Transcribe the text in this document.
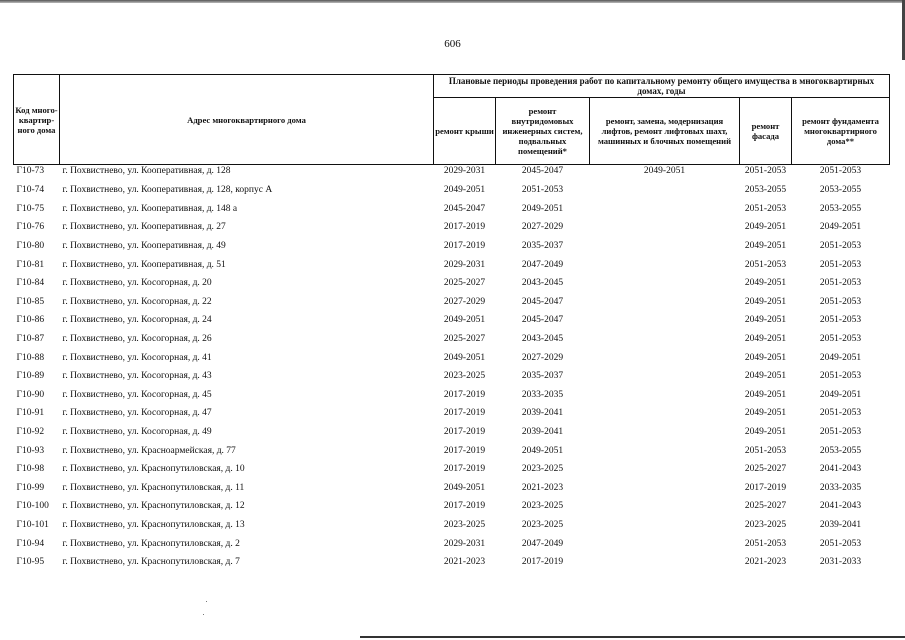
606
Код много-квартир-ного дома	Адрес многоквартирного дома	Плановые периоды проведения работ по капитальному ремонту общего имущества в многоквартирных домах, годы				
		ремонт крыши	ремонт внутридомовых инженерных систем, подвальных помещений*	ремонт, замена, модернизация лифтов, ремонт лифтовых шахт, машинных и блочных помещений	ремонт фасада	ремонт фундамента многоквартирного дома**
Г10-73	г. Похвистнево, ул. Кооперативная, д. 128	2029-2031	2045-2047	2049-2051	2051-2053	2051-2053
Г10-74	г. Похвистнево, ул. Кооперативная, д. 128, корпус А	2049-2051	2051-2053		2053-2055	2053-2055
Г10-75	г. Похвистнево, ул. Кооперативная, д. 148 а	2045-2047	2049-2051		2051-2053	2053-2055
Г10-76	г. Похвистнево, ул. Кооперативная, д. 27	2017-2019	2027-2029		2049-2051	2049-2051
Г10-80	г. Похвистнево, ул. Кооперативная, д. 49	2017-2019	2035-2037		2049-2051	2051-2053
Г10-81	г. Похвистнево, ул. Кооперативная, д. 51	2029-2031	2047-2049		2051-2053	2051-2053
Г10-84	г. Похвистнево, ул. Косогорная, д. 20	2025-2027	2043-2045		2049-2051	2051-2053
Г10-85	г. Похвистнево, ул. Косогорная, д. 22	2027-2029	2045-2047		2049-2051	2051-2053
Г10-86	г. Похвистнево, ул. Косогорная, д. 24	2049-2051	2045-2047		2049-2051	2051-2053
Г10-87	г. Похвистнево, ул. Косогорная, д. 26	2025-2027	2043-2045		2049-2051	2051-2053
Г10-88	г. Похвистнево, ул. Косогорная, д. 41	2049-2051	2027-2029		2049-2051	2049-2051
Г10-89	г. Похвистнево, ул. Косогорная, д. 43	2023-2025	2035-2037		2049-2051	2051-2053
Г10-90	г. Похвистнево, ул. Косогорная, д. 45	2017-2019	2033-2035		2049-2051	2049-2051
Г10-91	г. Похвистнево, ул. Косогорная, д. 47	2017-2019	2039-2041		2049-2051	2051-2053
Г10-92	г. Похвистнево, ул. Косогорная, д. 49	2017-2019	2039-2041		2049-2051	2051-2053
Г10-93	г. Похвистнево, ул. Красноармейская, д. 77	2017-2019	2049-2051		2051-2053	2053-2055
Г10-98	г. Похвистнево, ул. Краснопутиловская, д. 10	2017-2019	2023-2025		2025-2027	2041-2043
Г10-99	г. Похвистнево, ул. Краснопутиловская, д. 11	2049-2051	2021-2023		2017-2019	2033-2035
Г10-100	г. Похвистнево, ул. Краснопутиловская, д. 12	2017-2019	2023-2025		2025-2027	2041-2043
Г10-101	г. Похвистнево, ул. Краснопутиловская, д. 13	2023-2025	2023-2025		2023-2025	2039-2041
Г10-94	г. Похвистнево, ул. Краснопутиловская, д. 2	2029-2031	2047-2049		2051-2053	2051-2053
Г10-95	г. Похвистнево, ул. Краснопутиловская, д. 7	2021-2023	2017-2019		2021-2023	2031-2033
